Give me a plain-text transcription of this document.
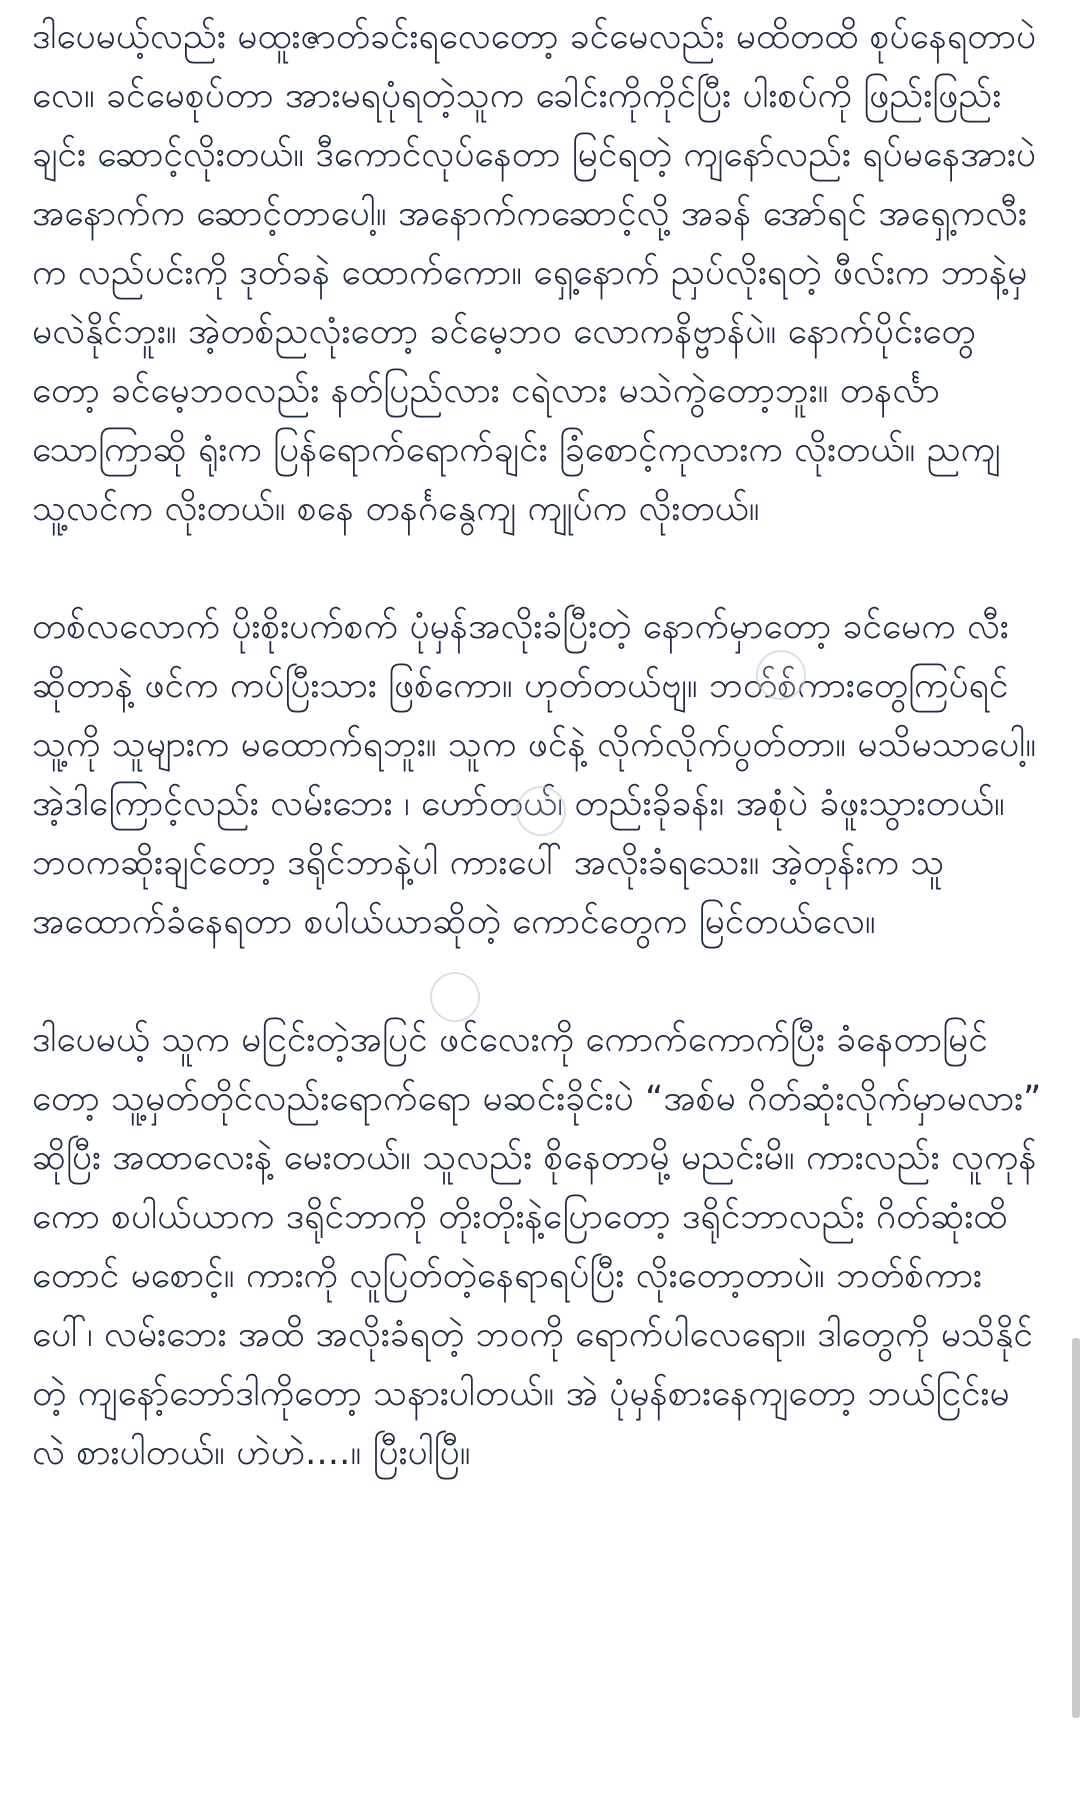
ဒါပေမယ့်လည်း မထူးဇာတ်ခင်းရလေတော့ ခင်မေလည်း မထိတထိ စုပ်နေရတာပဲလေ။ ခင်မေစုပ်တာ အားမရပုံရတဲ့သူက ခေါင်းကိုကိုင်ပြီး ပါးစပ်ကို ဖြည်းဖြည်းချင်း ဆောင့်လိုးတယ်။ ဒီကောင်လုပ်နေတာ မြင်ရတဲ့ ကျနော်လည်း ရပ်မနေအားပဲ အနောက်က ဆောင့်တာပေါ့။ အနောက်ကဆောင့်လို့ အခန် အော်ရင် အရှေ့ကလီးက လည်ပင်းကို ဒုတ်ခနဲ ထောက်ကော။ ရှေ့နောက် ညှပ်လိုးရတဲ့ ဖီလ်းက ဘာနဲ့မှ မလဲနိုင်ဘူး။ အဲ့တစ်ညလုံးတော့ ခင်မေ့ဘဝ လောကနိဗ္ဗာန်ပဲ။ နောက်ပိုင်းတွေတော့ ခင်မေ့ဘဝလည်း နတ်ပြည်လား ငရဲလား မသဲကွဲတော့ဘူး။ တနင်္လာ သောကြာဆို ရုံးက ပြန်ရောက်ရောက်ချင်း ခြံစောင့်ကုလားက လိုးတယ်။ ညကျ သူ့လင်က လိုးတယ်။ စနေ တနင်္ဂနွေကျ ကျုပ်က လိုးတယ်။

တစ်လလောက် ပိုးစိုးပက်စက် ပုံမှန်အလိုးခံပြီးတဲ့ နောက်မှာတော့ ခင်မေက လီးဆိုတာနဲ့ ဖင်က ကပ်ပြီးသား ဖြစ်ကော။ ဟုတ်တယ်ဗျ။ ဘတ်စ်ကားတွေကြပ်ရင် သူ့ကို သူများက မထောက်ရဘူး။ သူက ဖင်နဲ့ လိုက်လိုက်ပွတ်တာ။ မသိမသာပေါ့။ အဲ့ဒါကြောင့်လည်း လမ်းဘေး ၊ ဟော်တယ်၊ တည်းခိုခန်း၊ အစုံပဲ ခံဖူးသွားတယ်။ ဘဝကဆိုးချင်တော့ ဒရိုင်ဘာနဲ့ပါ ကားပေါ် အလိုးခံရသေး။ အဲ့တုန်းက သူအထောက်ခံနေရတာ စပါယ်ယာဆိုတဲ့ ကောင်တွေက မြင်တယ်လေ။

ဒါပေမယ့် သူက မငြင်းတဲ့အပြင် ဖင်လေးကို ကောက်ကောက်ပြီး ခံနေတာမြင်တော့ သူ့မှတ်တိုင်လည်းရောက်ရော မဆင်းခိုင်းပဲ “အစ်မ ဂိတ်ဆုံးလိုက်မှာမလား” ဆိုပြီး အထာလေးနဲ့ မေးတယ်။ သူလည်း စိုနေတာမို့ မညင်းမိ။ ကားလည်း လူကုန်ကော စပါယ်ယာက ဒရိုင်ဘာကို တိုးတိုးနဲ့ပြောတော့ ဒရိုင်ဘာလည်း ဂိတ်ဆုံးထိတောင် မစောင့်။ ကားကို လူပြတ်တဲ့နေရာရပ်ပြီး လိုးတော့တာပဲ။ ဘတ်စ်ကားပေါ်၊ လမ်းဘေး အထိ အလိုးခံရတဲ့ ဘဝကို ရောက်ပါလေရော။ ဒါတွေကို မသိနိုင်တဲ့ ကျနော့်ဘော်ဒါကိုတော့ သနားပါတယ်။ အဲ ပုံမှန်စားနေကျတော့ ဘယ်ငြင်းမလဲ စားပါတယ်။ ဟဲဟဲ....။ ပြီးပါပြီ။
